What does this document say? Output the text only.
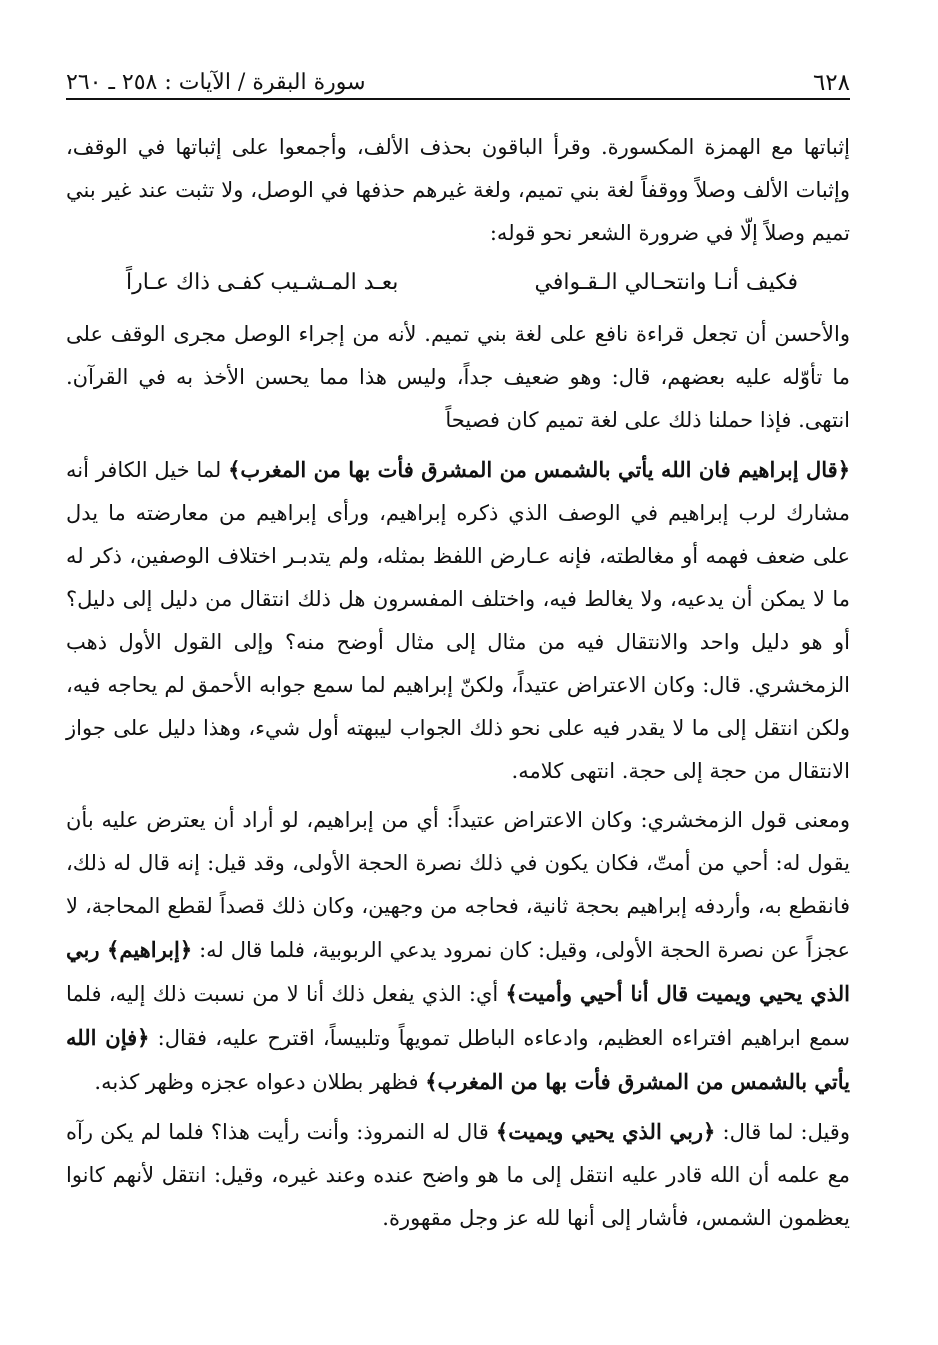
٦٢٨
سورة البقرة / الآيات : ٢٥٨ ـ ٢٦٠

إثباتها مع الهمزة المكسورة. وقرأ الباقون بحذف الألف، وأجمعوا على إثباتها في الوقف، وإثبات الألف وصلاً ووقفاً لغة بني تميم، ولغة غيرهم حذفها في الوصل، ولا تثبت عند غير بني تميم وصلاً إلّا في ضرورة الشعر نحو قوله:

فكيف أنـا وانتحـالي الـقـوافي
بعـد المـشـيب كفـى ذاك عـاراً

والأحسن أن تجعل قراءة نافع على لغة بني تميم. لأنه من إجراء الوصل مجرى الوقف على ما تأوّله عليه بعضهم، قال: وهو ضعيف جداً، وليس هذا مما يحسن الأخذ به في القرآن. انتهى. فإذا حملنا ذلك على لغة تميم كان فصيحاً

﴿قال إبراهيم فان الله يأتي بالشمس من المشرق فأت بها من المغرب﴾ لما خيل الكافر أنه مشارك لرب إبراهيم في الوصف الذي ذكره إبراهيم، ورأى إبراهيم من معارضته ما يدل على ضعف فهمه أو مغالطته، فإنه عـارض اللفظ بمثله، ولم يتدبـر اختلاف الوصفين، ذكر له ما لا يمكن أن يدعيه، ولا يغالط فيه، واختلف المفسرون هل ذلك انتقال من دليل إلى دليل؟ أو هو دليل واحد والانتقال فيه من مثال إلى مثال أوضح منه؟ وإلى القول الأول ذهب الزمخشري. قال: وكان الاعتراض عتيداً، ولكنّ إبراهيم لما سمع جوابه الأحمق لم يحاجه فيه، ولكن انتقل إلى ما لا يقدر فيه على نحو ذلك الجواب ليبهته أول شيء، وهذا دليل على جواز الانتقال من حجة إلى حجة. انتهى كلامه.

ومعنى قول الزمخشري: وكان الاعتراض عتيداً: أي من إبراهيم، لو أراد أن يعترض عليه بأن يقول له: أحي من أمتّ، فكان يكون في ذلك نصرة الحجة الأولى، وقد قيل: إنه قال له ذلك، فانقطع به، وأردفه إبراهيم بحجة ثانية، فحاجه من وجهين، وكان ذلك قصداً لقطع المحاجة، لا عجزاً عن نصرة الحجة الأولى، وقيل: كان نمرود يدعي الربوبية، فلما قال له: ﴿إبراهيم﴾ ربي الذي يحيي ويميت قال أنا أحيي وأميت﴾ أي: الذي يفعل ذلك أنا لا من نسبت ذلك إليه، فلما سمع ابراهيم افتراءه العظيم، وادعاءه الباطل تمويهاً وتلبيساً، اقترح عليه، فقال: ﴿فإن الله يأتي بالشمس من المشرق فأت بها من المغرب﴾ فظهر بطلان دعواه عجزه وظهر كذبه.

وقيل: لما قال: ﴿ربي الذي يحيي ويميت﴾ قال له النمروذ: وأنت رأيت هذا؟ فلما لم يكن رآه مع علمه أن الله قادر عليه انتقل إلى ما هو واضح عنده وعند غيره، وقيل: انتقل لأنهم كانوا يعظمون الشمس، فأشار إلى أنها لله عز وجل مقهورة.
